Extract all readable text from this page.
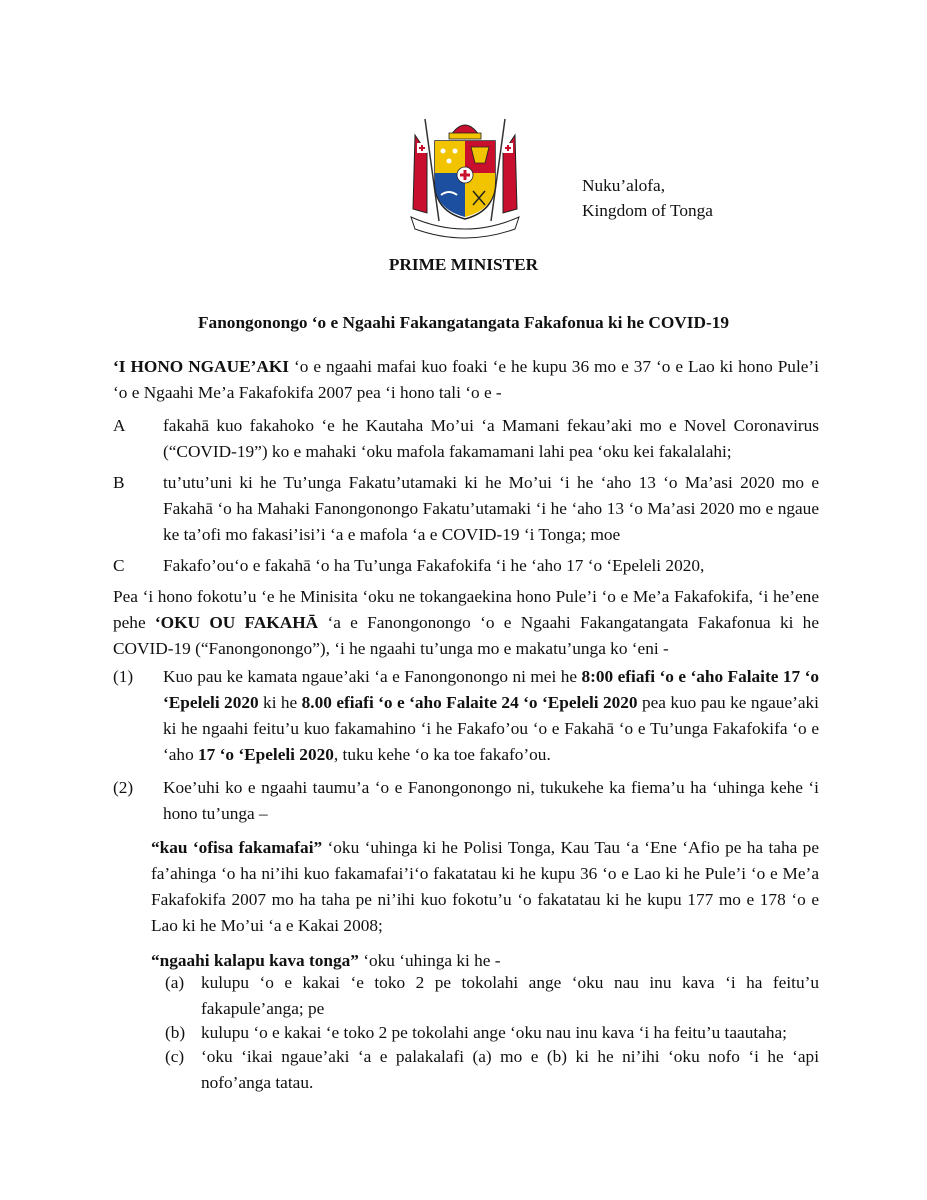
Nuku’alofa,
Kingdom of Tonga
PRIME MINISTER
Fanongonongo ‘o e Ngaahi Fakangatangata Fakafonua ki he COVID-19
‘I HONO NGAUE’AKI ‘o e ngaahi mafai kuo foaki ‘e he kupu 36 mo e 37 ‘o e Lao ki hono Pule’i ‘o e Ngaahi Me’a Fakafokifa 2007 pea ‘i hono tali ‘o e -
A fakahā kuo fakahoko ‘e he Kautaha Mo’ui ‘a Mamani fekau’aki mo e Novel Coronavirus (“COVID-19”) ko e mahaki ‘oku mafola fakamamani lahi pea ‘oku kei fakalalahi;
B tu’utu’uni ki he Tu’unga Fakatu’utamaki ki he Mo’ui ‘i he ‘aho 13 ‘o Ma’asi 2020 mo e Fakahā ‘o ha Mahaki Fanongonongo Fakatu’utamaki ‘i he ‘aho 13 ‘o Ma’asi 2020 mo e ngaue ke ta’ofi mo fakasi’isi’i ‘a e mafola ‘a e COVID-19 ‘i Tonga; moe
C Fakafo’ou‘o e fakahā ‘o ha Tu’unga Fakafokifa ‘i he ‘aho 17 ‘o ‘Epeleli 2020,
Pea ‘i hono fokotu’u ‘e he Minisita ‘oku ne tokangaekina hono Pule’i ‘o e Me’a Fakafokifa, ‘i he’ene pehe ‘OKU OU FAKAHĀ ‘a e Fanongonongo ‘o e Ngaahi Fakangatangata Fakafonua ki he COVID-19 (“Fanongonongo”), ‘i he ngaahi tu’unga mo e makatu’unga ko ‘eni -
(1) Kuo pau ke kamata ngaue’aki ‘a e Fanongonongo ni mei he 8:00 efiafi ‘o e ‘aho Falaite 17 ‘o ‘Epeleli 2020 ki he 8.00 efiafi ‘o e ‘aho Falaite 24 ‘o ‘Epeleli 2020 pea kuo pau ke ngaue’aki ki he ngaahi feitu’u kuo fakamahino ‘i he Fakafo’ou ‘o e Fakahā ‘o e Tu’unga Fakafokifa ‘o e ‘aho 17 ‘o ‘Epeleli 2020, tuku kehe ‘o ka toe fakafo’ou.
(2) Koe’uhi ko e ngaahi taumu’a ‘o e Fanongonongo ni, tukukehe ka fiema’u ha ‘uhinga kehe ‘i hono tu’unga –
“kau ‘ofisa fakamafai” ‘oku ‘uhinga ki he Polisi Tonga, Kau Tau ‘a ‘Ene ‘Afio pe ha taha pe fa’ahinga ‘o ha ni’ihi kuo fakamafai’i‘o fakatatau ki he kupu 36 ‘o e Lao ki he Pule’i ‘o e Me’a Fakafokifa 2007 mo ha taha pe ni’ihi kuo fokotu’u ‘o fakatatau ki he kupu 177 mo e 178 ‘o e Lao ki he Mo’ui ‘a e Kakai 2008;
“ngaahi kalapu kava tonga” ‘oku ‘uhinga ki he -
(a) kulupu ‘o e kakai ‘e toko 2 pe tokolahi ange ‘oku nau inu kava ‘i ha feitu’u fakapule’anga; pe
(b) kulupu ‘o e kakai ‘e toko 2 pe tokolahi ange ‘oku nau inu kava ‘i ha feitu’u taautaha;
(c) ‘oku ‘ikai ngaue’aki ‘a e palakalafi (a) mo e (b) ki he ni’ihi ‘oku nofo ‘i he ‘api nofo’anga tatau.
